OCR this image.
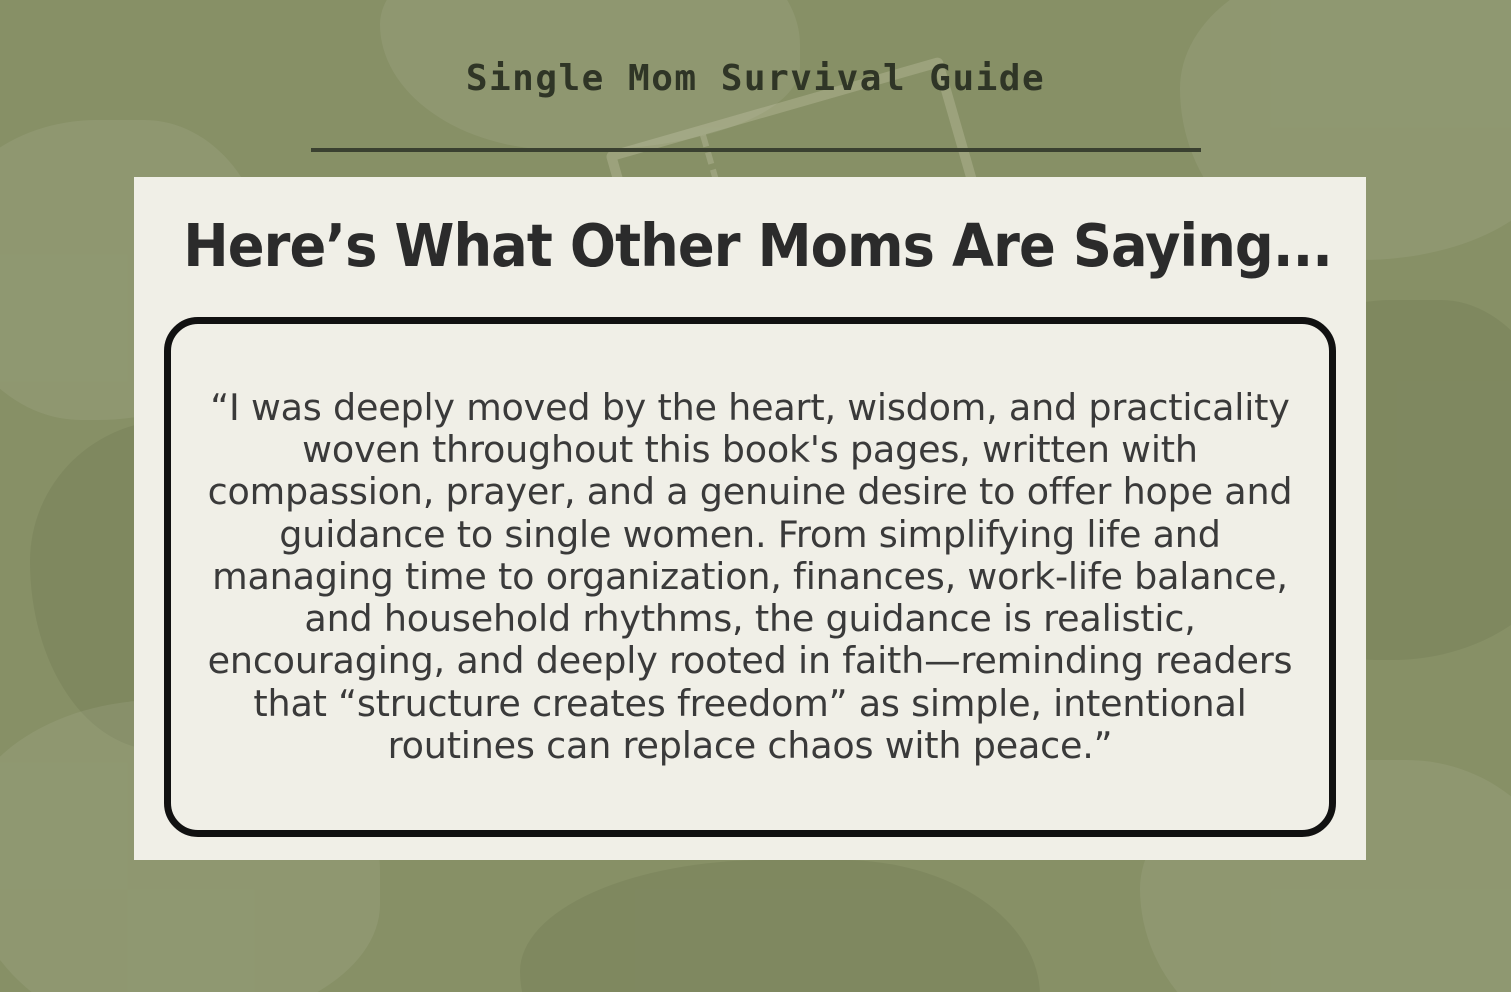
Single Mom Survival Guide
Here’s What Other Moms Are Saying...

“I was deeply moved by the heart, wisdom, and practicality woven throughout this book's pages, written with compassion, prayer, and a genuine desire to offer hope and guidance to single women. From simplifying life and managing time to organization, finances, work-life balance, and household rhythms, the guidance is realistic, encouraging, and deeply rooted in faith—reminding readers that “structure creates freedom” as simple, intentional routines can replace chaos with peace.”
